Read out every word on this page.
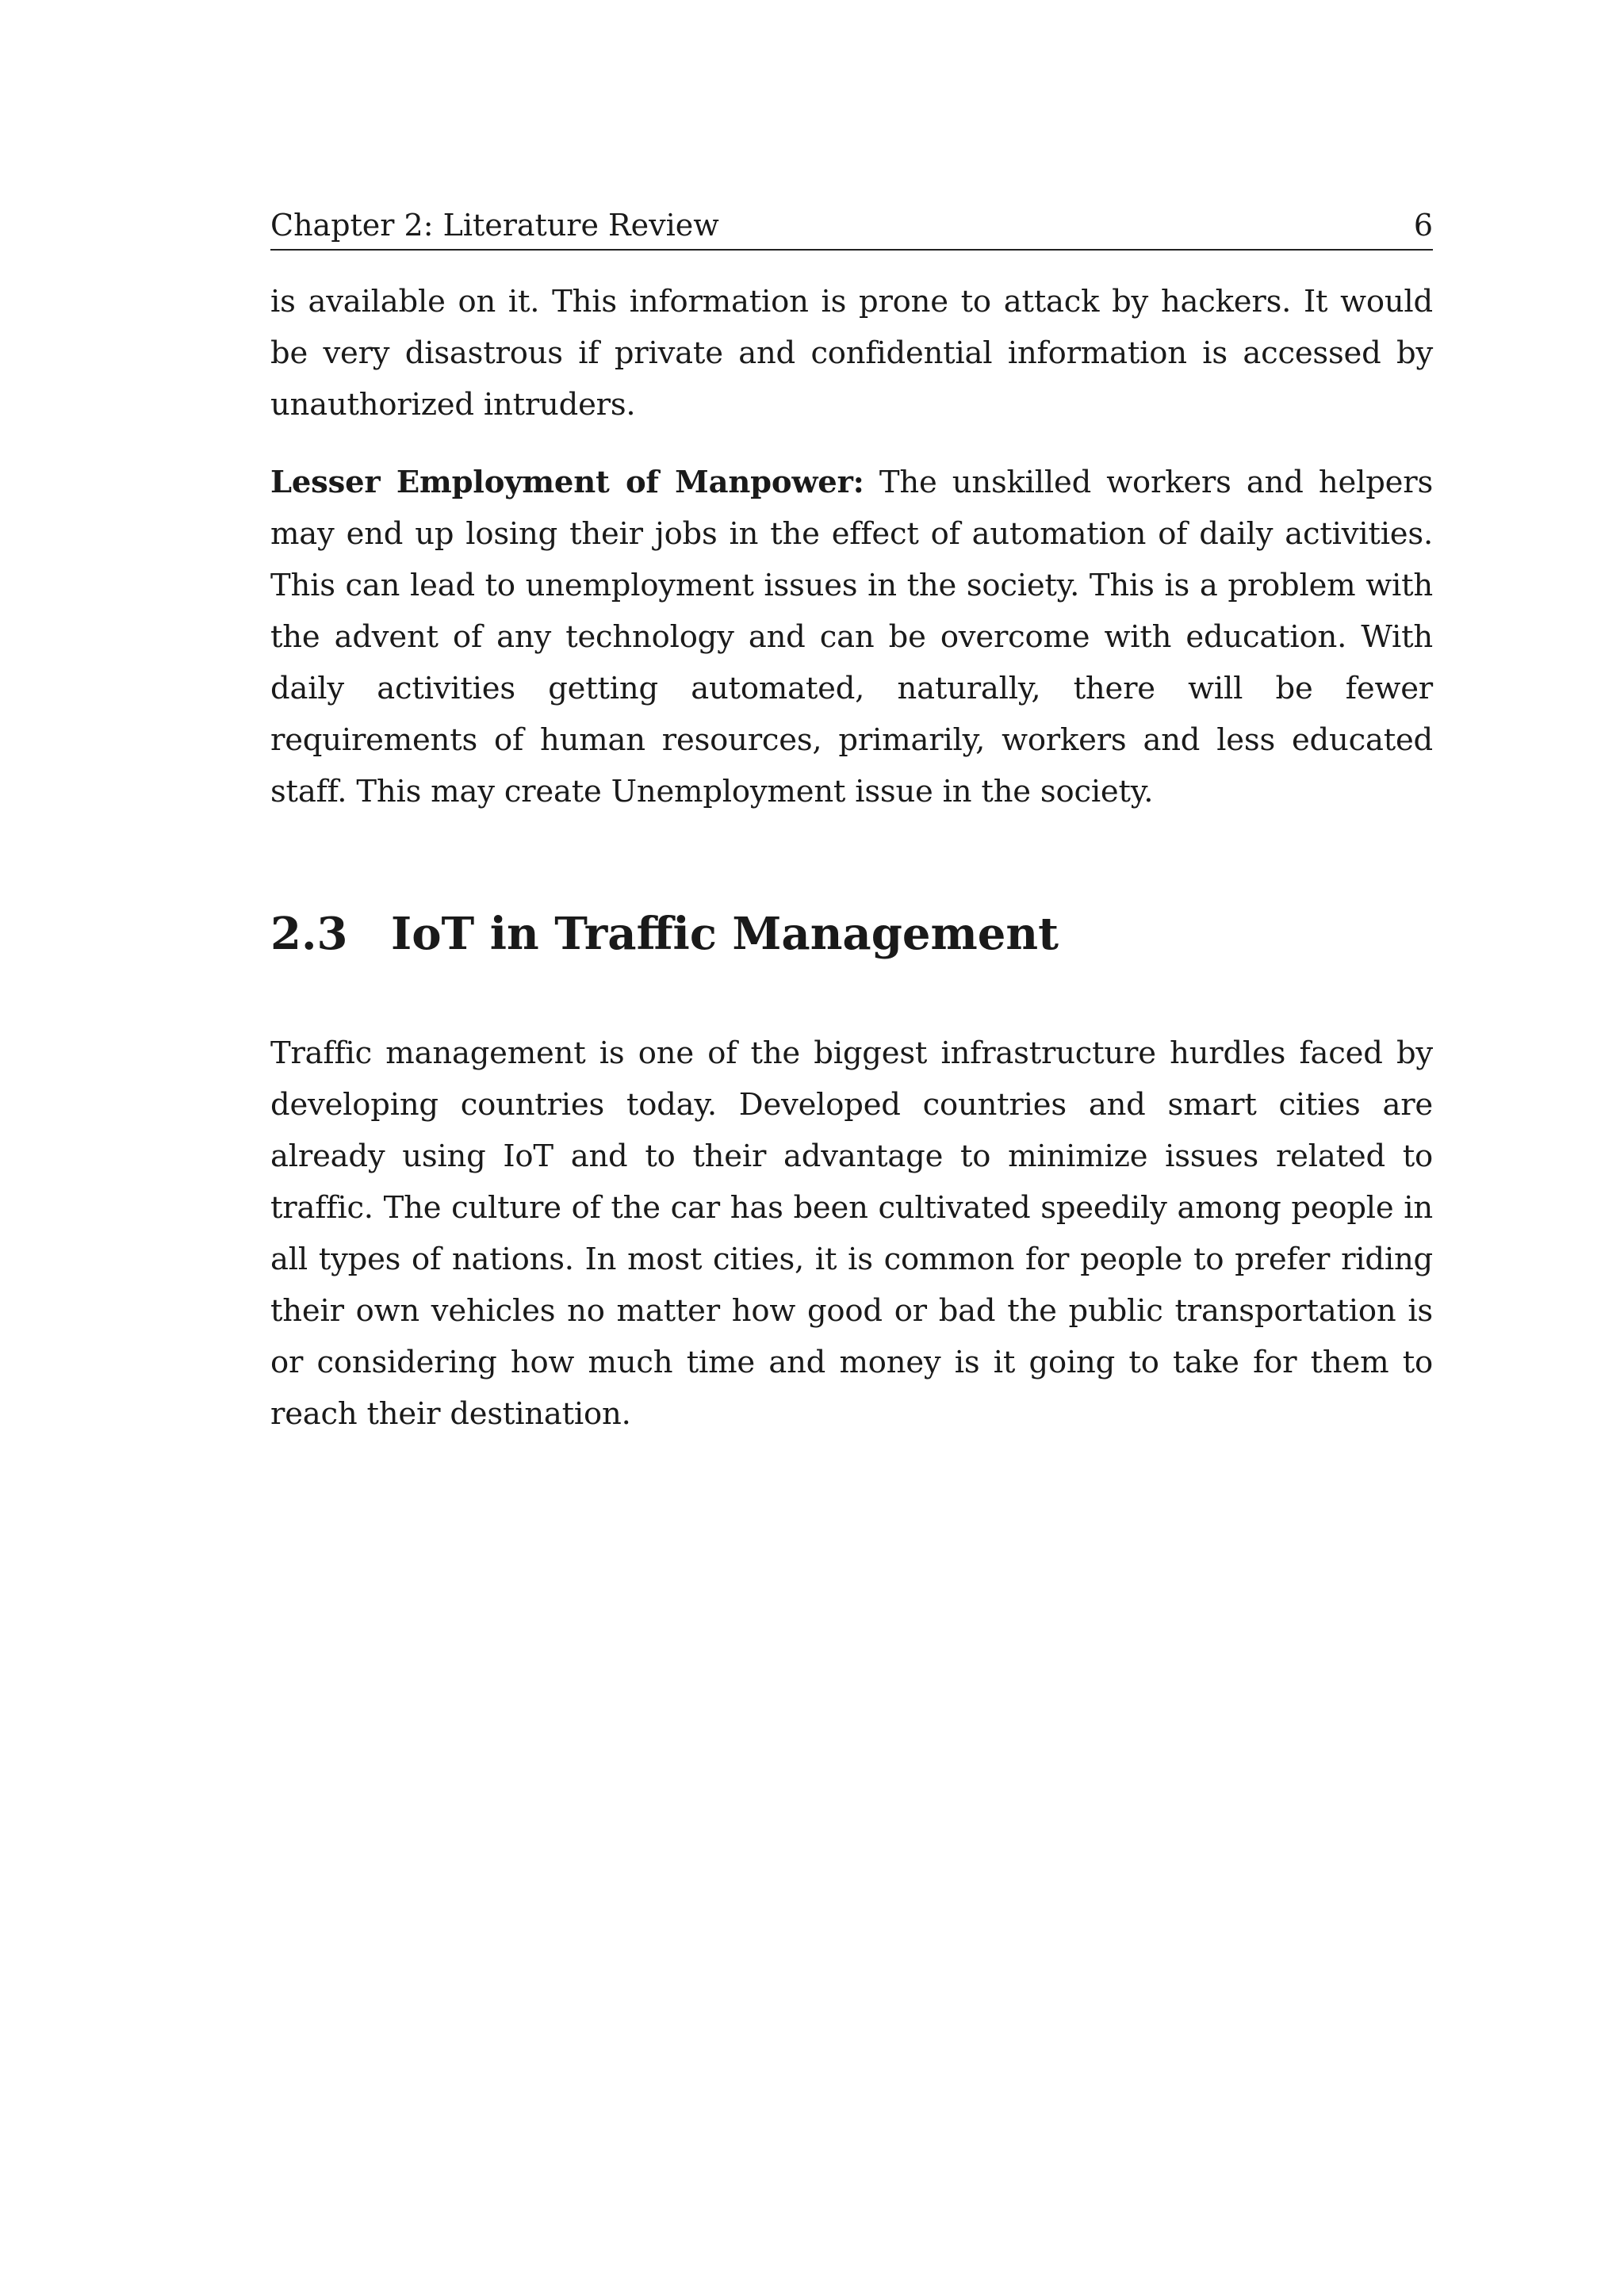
Chapter 2: Literature Review	6

is available on it. This information is prone to attack by hackers. It would be very disastrous if private and confidential information is accessed by unauthorized intruders.

Lesser Employment of Manpower: The unskilled workers and helpers may end up losing their jobs in the effect of automation of daily activities. This can lead to unemployment issues in the society. This is a problem with the advent of any technology and can be overcome with education. With daily activities getting automated, naturally, there will be fewer requirements of human resources, primarily, workers and less educated staff. This may create Unemployment issue in the society.

2.3 IoT in Traffic Management

Traffic management is one of the biggest infrastructure hurdles faced by developing countries today. Developed countries and smart cities are already using IoT and to their advantage to minimize issues related to traffic. The culture of the car has been cultivated speedily among people in all types of nations. In most cities, it is common for people to prefer riding their own vehicles no matter how good or bad the public transportation is or considering how much time and money is it going to take for them to reach their destination.
